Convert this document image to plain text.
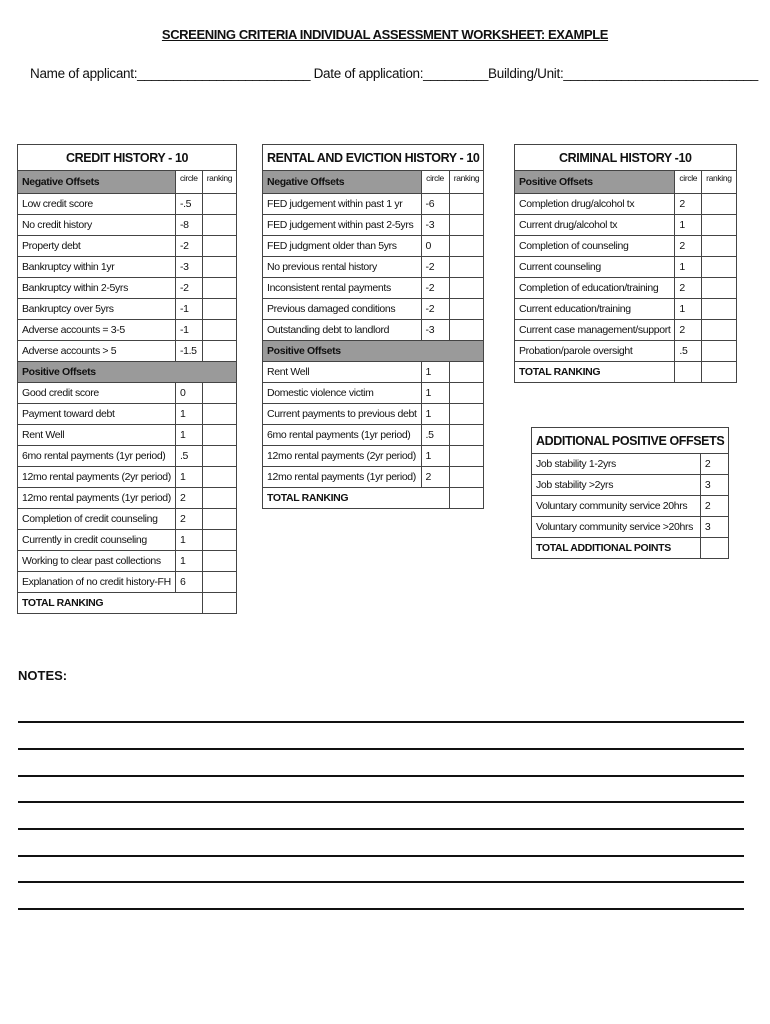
SCREENING CRITERIA INDIVIDUAL ASSESSMENT WORKSHEET: EXAMPLE
Name of applicant:________________________ Date of application:_________Building/Unit:___________________________
CREDIT HISTORY - 10		
Negative Offsets	circle	ranking
Low credit score	-.5	
No credit history	-8	
Property debt	-2	
Bankruptcy within 1yr	-3	
Bankruptcy within 2-5yrs	-2	
Bankruptcy over 5yrs	-1	
Adverse accounts = 3-5	-1	
Adverse accounts > 5	-1.5	
Positive Offsets		
Good credit score	0	
Payment toward debt	1	
Rent Well	1	
6mo rental payments (1yr period)	.5	
12mo rental payments (2yr period)	1	
12mo rental payments (1yr period)	2	
Completion of credit counseling	2	
Currently in credit counseling	1	
Working to clear past collections	1	
Explanation of no credit history-FH	6	
TOTAL RANKING		
RENTAL AND EVICTION HISTORY - 10		
Negative Offsets	circle	ranking
FED judgement within past 1 yr	-6	
FED judgement within past 2-5yrs	-3	
FED judgment older than 5yrs	0	
No previous rental history	-2	
Inconsistent rental payments	-2	
Previous damaged conditions	-2	
Outstanding debt to landlord	-3	
Positive Offsets		
Rent Well	1	
Domestic violence victim	1	
Current payments to previous debt	1	
6mo rental payments (1yr period)	.5	
12mo rental payments (2yr period)	1	
12mo rental payments (1yr period)	2	
TOTAL RANKING		
CRIMINAL HISTORY -10		
Positive Offsets	circle	ranking
Completion drug/alcohol tx	2	
Current drug/alcohol tx	1	
Completion of counseling	2	
Current counseling	1	
Completion of education/training	2	
Current education/training	1	
Current case management/support	2	
Probation/parole oversight	.5	
TOTAL RANKING		
ADDITIONAL POSITIVE OFFSETS	
Job stability 1-2yrs	2
Job stability >2yrs	3
Voluntary community service 20hrs	2
Voluntary community service >20hrs	3
TOTAL ADDITIONAL POINTS	
NOTES:
